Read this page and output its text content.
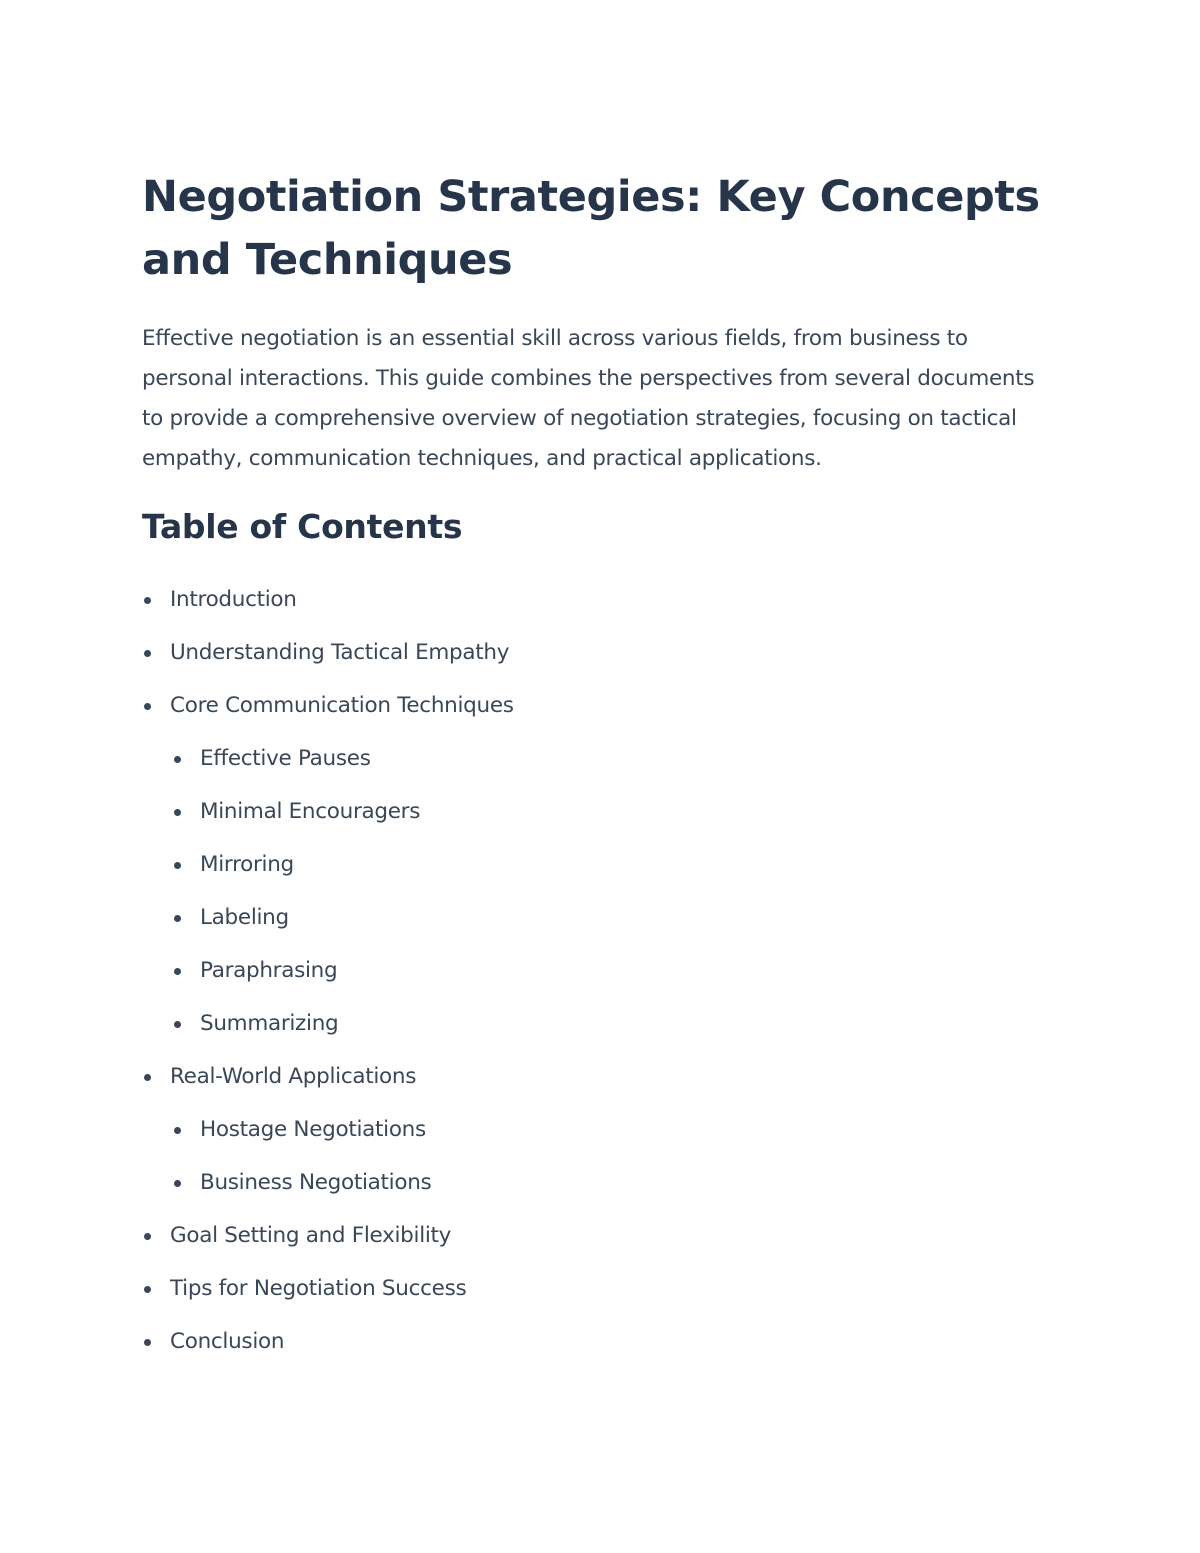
Negotiation Strategies: Key Concepts and Techniques

Effective negotiation is an essential skill across various fields, from business to personal interactions. This guide combines the perspectives from several documents to provide a comprehensive overview of negotiation strategies, focusing on tactical empathy, communication techniques, and practical applications.

Table of Contents
Introduction
Understanding Tactical Empathy
Core Communication Techniques
Effective Pauses
Minimal Encouragers
Mirroring
Labeling
Paraphrasing
Summarizing
Real-World Applications
Hostage Negotiations
Business Negotiations
Goal Setting and Flexibility
Tips for Negotiation Success
Conclusion
